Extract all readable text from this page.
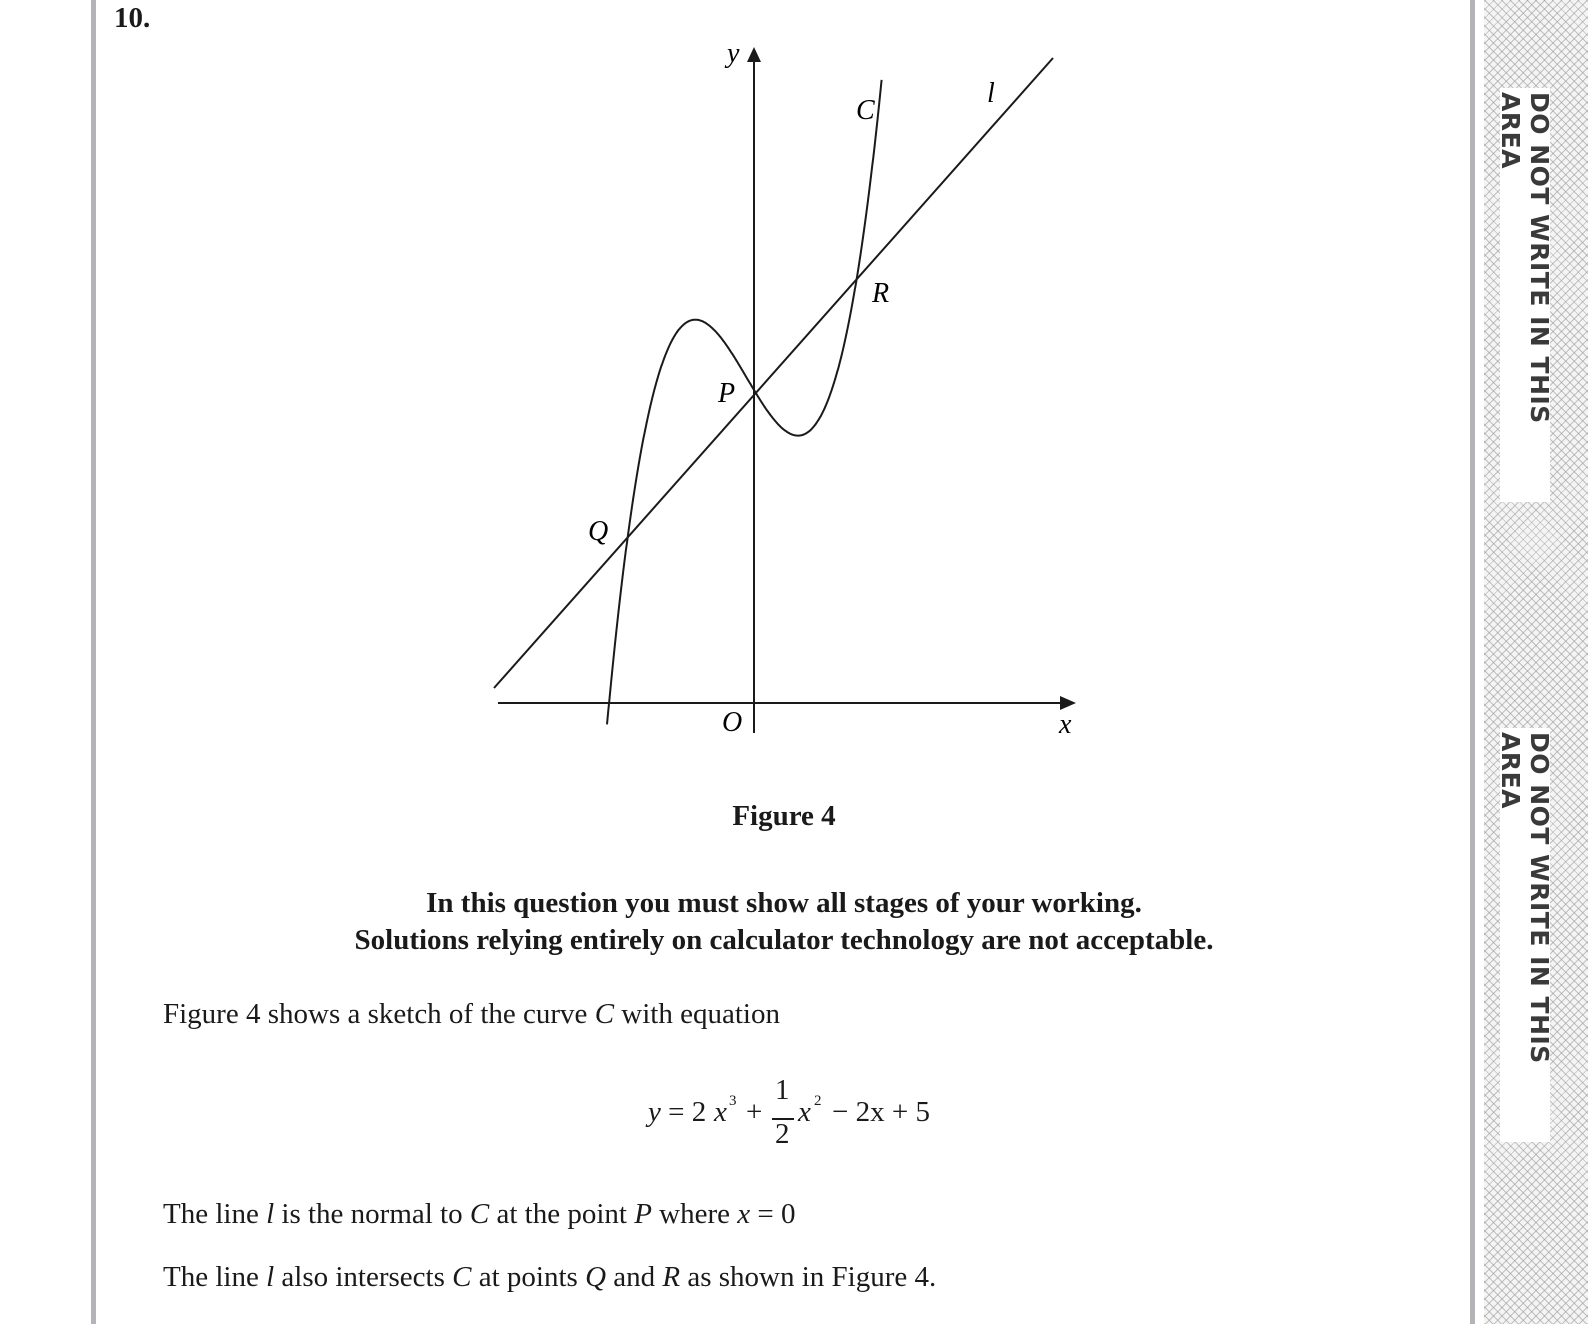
DO NOT WRITE IN THIS AREA
DO NOT WRITE IN THIS AREA
10.
y
x
O
C
l
P
Q
R
Figure 4
In this question you must show all stages of your working.
Solutions relying entirely on calculator technology are not acceptable.
Figure 4 shows a sketch of the curve C with equation
y = 2 x 3 +
1
2
x 2 − 2x + 5
The line l is the normal to C at the point P where x = 0
The line l also intersects C at points Q and R as shown in Figure 4.
